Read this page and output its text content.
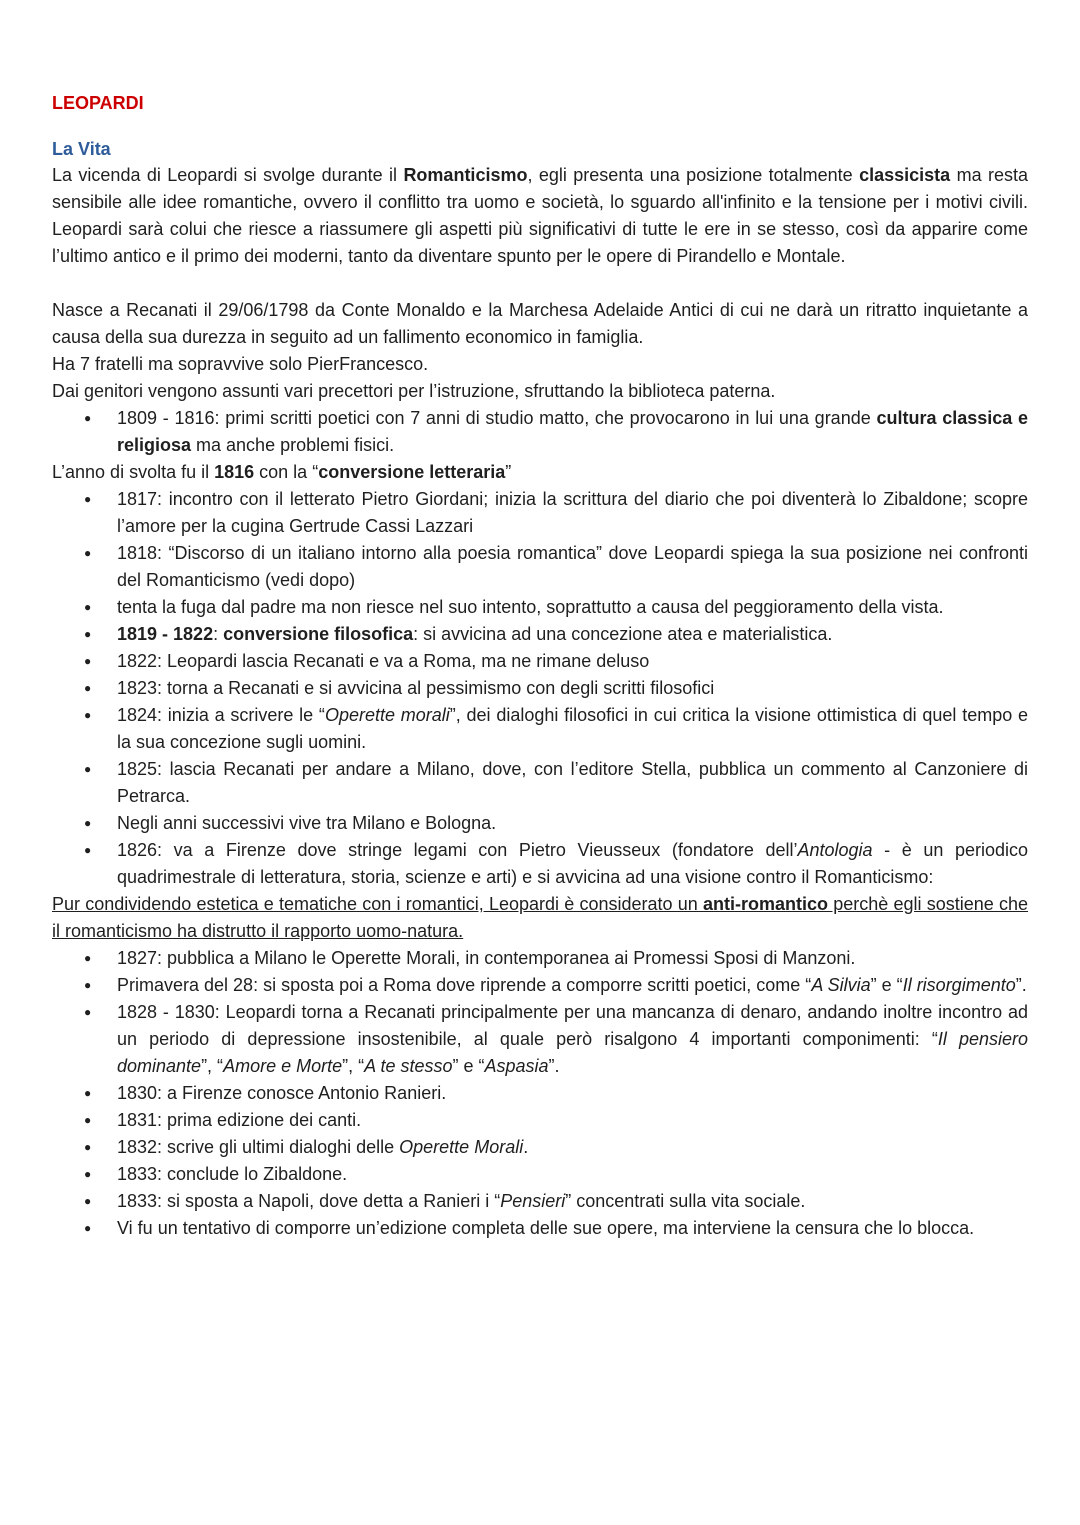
LEOPARDI
La Vita

La vicenda di Leopardi si svolge durante il Romanticismo, egli presenta una posizione totalmente classicista ma resta sensibile alle idee romantiche, ovvero il conflitto tra uomo e società, lo sguardo all'infinito e la tensione per i motivi civili. Leopardi sarà colui che riesce a riassumere gli aspetti più significativi di tutte le ere in se stesso, così da apparire come l’ultimo antico e il primo dei moderni, tanto da diventare spunto per le opere di Pirandello e Montale.

Nasce a Recanati il 29/06/1798 da Conte Monaldo e la Marchesa Adelaide Antici di cui ne darà un ritratto inquietante a causa della sua durezza in seguito ad un fallimento economico in famiglia.

Ha 7 fratelli ma sopravvive solo PierFrancesco.

Dai genitori vengono assunti vari precettori per l’istruzione, sfruttando la biblioteca paterna.

● 1809 - 1816: primi scritti poetici con 7 anni di studio matto, che provocarono in lui una grande cultura classica e religiosa ma anche problemi fisici.

L’anno di svolta fu il 1816 con la “conversione letteraria”

● 1817: incontro con il letterato Pietro Giordani; inizia la scrittura del diario che poi diventerà lo Zibaldone; scopre l’amore per la cugina Gertrude Cassi Lazzari
● 1818: “Discorso di un italiano intorno alla poesia romantica” dove Leopardi spiega la sua posizione nei confronti del Romanticismo (vedi dopo)
● tenta la fuga dal padre ma non riesce nel suo intento, soprattutto a causa del peggioramento della vista.
● 1819 - 1822: conversione filosofica: si avvicina ad una concezione atea e materialistica.
● 1822: Leopardi lascia Recanati e va a Roma, ma ne rimane deluso
● 1823: torna a Recanati e si avvicina al pessimismo con degli scritti filosofici
● 1824: inizia a scrivere le “Operette morali”, dei dialoghi filosofici in cui critica la visione ottimistica di quel tempo e la sua concezione sugli uomini.
● 1825: lascia Recanati per andare a Milano, dove, con l’editore Stella, pubblica un commento al Canzoniere di Petrarca.
● Negli anni successivi vive tra Milano e Bologna.
● 1826: va a Firenze dove stringe legami con Pietro Vieusseux (fondatore dell’Antologia - è un periodico quadrimestrale di letteratura, storia, scienze e arti) e si avvicina ad una visione contro il Romanticismo:

Pur condividendo estetica e tematiche con i romantici, Leopardi è considerato un anti-romantico perchè egli sostiene che il romanticismo ha distrutto il rapporto uomo-natura.

● 1827: pubblica a Milano le Operette Morali, in contemporanea ai Promessi Sposi di Manzoni.
● Primavera del 28: si sposta poi a Roma dove riprende a comporre scritti poetici, come “A Silvia” e “Il risorgimento”.
● 1828 - 1830: Leopardi torna a Recanati principalmente per una mancanza di denaro, andando inoltre incontro ad un periodo di depressione insostenibile, al quale però risalgono 4 importanti componimenti: “Il pensiero dominante”, “Amore e Morte”, “A te stesso” e “Aspasia”.
● 1830: a Firenze conosce Antonio Ranieri.
● 1831: prima edizione dei canti.
● 1832: scrive gli ultimi dialoghi delle Operette Morali.
● 1833: conclude lo Zibaldone.
● 1833: si sposta a Napoli, dove detta a Ranieri i “Pensieri” concentrati sulla vita sociale.
● Vi fu un tentativo di comporre un’edizione completa delle sue opere, ma interviene la censura che lo blocca.
